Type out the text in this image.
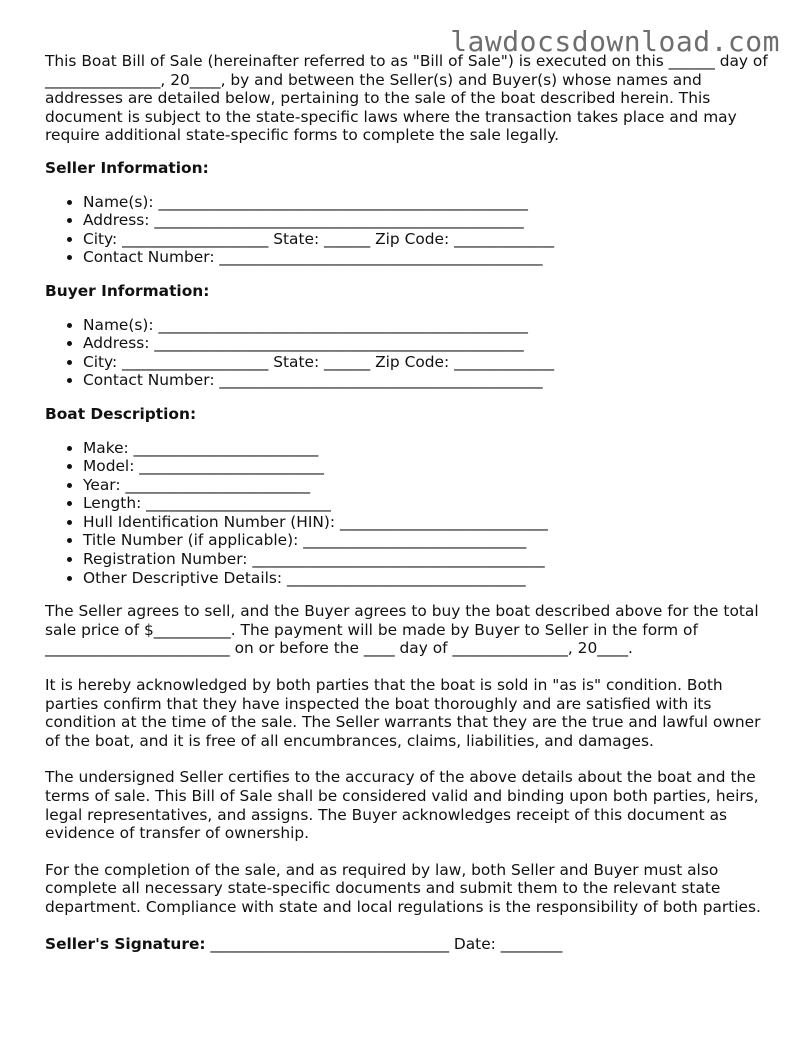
lawdocsdownload.com

This Boat Bill of Sale (hereinafter referred to as "Bill of Sale") is executed on this ______ day of _______________, 20____, by and between the Seller(s) and Buyer(s) whose names and addresses are detailed below, pertaining to the sale of the boat described herein. This document is subject to the state-specific laws where the transaction takes place and may require additional state-specific forms to complete the sale legally.

Seller Information:
• Name(s): ________________________________________________
• Address: ________________________________________________
• City: ___________________ State: ______ Zip Code: _____________
• Contact Number: __________________________________________
Buyer Information:
• Name(s): ________________________________________________
• Address: ________________________________________________
• City: ___________________ State: ______ Zip Code: _____________
• Contact Number: __________________________________________
Boat Description:
• Make: ________________________
• Model: ________________________
• Year: ________________________
• Length: ________________________
• Hull Identification Number (HIN): ___________________________
• Title Number (if applicable): _____________________________
• Registration Number: ______________________________________
• Other Descriptive Details: _______________________________

The Seller agrees to sell, and the Buyer agrees to buy the boat described above for the total sale price of $__________. The payment will be made by Buyer to Seller in the form of ________________________ on or before the ____ day of _______________, 20____.

It is hereby acknowledged by both parties that the boat is sold in "as is" condition. Both parties confirm that they have inspected the boat thoroughly and are satisfied with its condition at the time of the sale. The Seller warrants that they are the true and lawful owner of the boat, and it is free of all encumbrances, claims, liabilities, and damages.

The undersigned Seller certifies to the accuracy of the above details about the boat and the terms of sale. This Bill of Sale shall be considered valid and binding upon both parties, heirs, legal representatives, and assigns. The Buyer acknowledges receipt of this document as evidence of transfer of ownership.

For the completion of the sale, and as required by law, both Seller and Buyer must also complete all necessary state-specific documents and submit them to the relevant state department. Compliance with state and local regulations is the responsibility of both parties.

Seller's Signature: _______________________________ Date: ________
